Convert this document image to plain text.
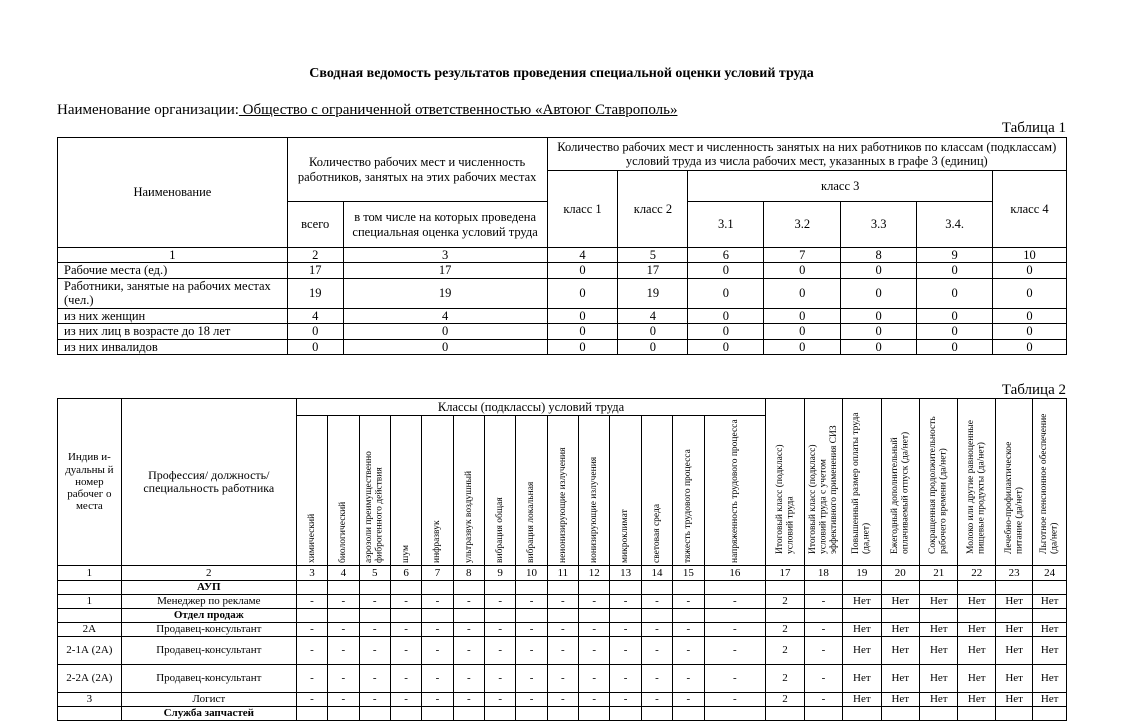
Сводная ведомость результатов проведения специальной оценки условий труда
Наименование организации: Общество с ограниченной ответственностью «Автоюг Ставрополь»
Таблица 1
Наименование	Количество рабочих мест и численность работников, занятых на этих рабочих местах		Количество рабочих мест и численность занятых на них работников по классам (подклассам) условий труда из числа рабочих мест, указанных в графе 3 (единиц)						
			класс 1	класс 2	класс 3				класс 4
	всего	в том числе на которых проведена специальная оценка условий труда			3.1	3.2	3.3	3.4.	
1	2	3	4	5	6	7	8	9	10
Рабочие места (ед.)	17	17	0	17	0	0	0	0	0
Работники, занятые на рабочих местах (чел.)	19	19	0	19	0	0	0	0	0
из них женщин	4	4	0	4	0	0	0	0	0
из них лиц в возрасте до 18 лет	0	0	0	0	0	0	0	0	0
из них инвалидов	0	0	0	0	0	0	0	0	0
Таблица 2
Индив и- дуальны й номер рабочег о места	Профессия/ должность/ специальность работника	Классы (подклассы) условий труда														Итоговый класс (подкласс) условий труда	Итоговый класс (подкласс) условий труда с учетом эффективного применения СИЗ	Повышенный размер оплаты труда (да,нет)	Ежегодный дополнительный оплачиваемый отпуск (да/нет)	Сокращенная продолжительность рабочего времени (да/нет)	Молоко или другие равноценные пищевые продукты (да/нет)	Лечебно-профилактическое питание (да/нет)	Льготное пенсионное обеспечение (да/нет)

		химический	биологический	аэрозоли преимущественно фиброгенного действия	шум	инфразвук	ультразвук воздушный	вибрация общая	вибрация локальная	неионизирующие излучения	ионизирующие излучения	микроклимат	световая среда	тяжесть трудового процесса	напряженность трудового процесса								

1	2	3	4	5	6	7	8	9	10	11	12	13	14	15	16	17	18	19	20	21	22	23	24
	АУП																						
1	Менеджер по рекламе	-	-	-	-	-	-	-	-	-	-	-	-	-	-	2	-	Нет	Нет	Нет	Нет	Нет	Нет
	Отдел продаж																						
2А	Продавец-консультант	-	-	-	-	-	-	-	-	-	-	-	-	-	-	2	-	Нет	Нет	Нет	Нет	Нет	Нет
2-1А (2А)	Продавец-консультант	-	-	-	-	-	-	-	-	-	-	-	-	-	-	2	-	Нет	Нет	Нет	Нет	Нет	Нет
2-2А (2А)	Продавец-консультант	-	-	-	-	-	-	-	-	-	-	-	-	-	-	2	-	Нет	Нет	Нет	Нет	Нет	Нет
3	Логист	-	-	-	-	-	-	-	-	-	-	-	-	-	-	2	-	Нет	Нет	Нет	Нет	Нет	Нет
	Служба запчастей																						
